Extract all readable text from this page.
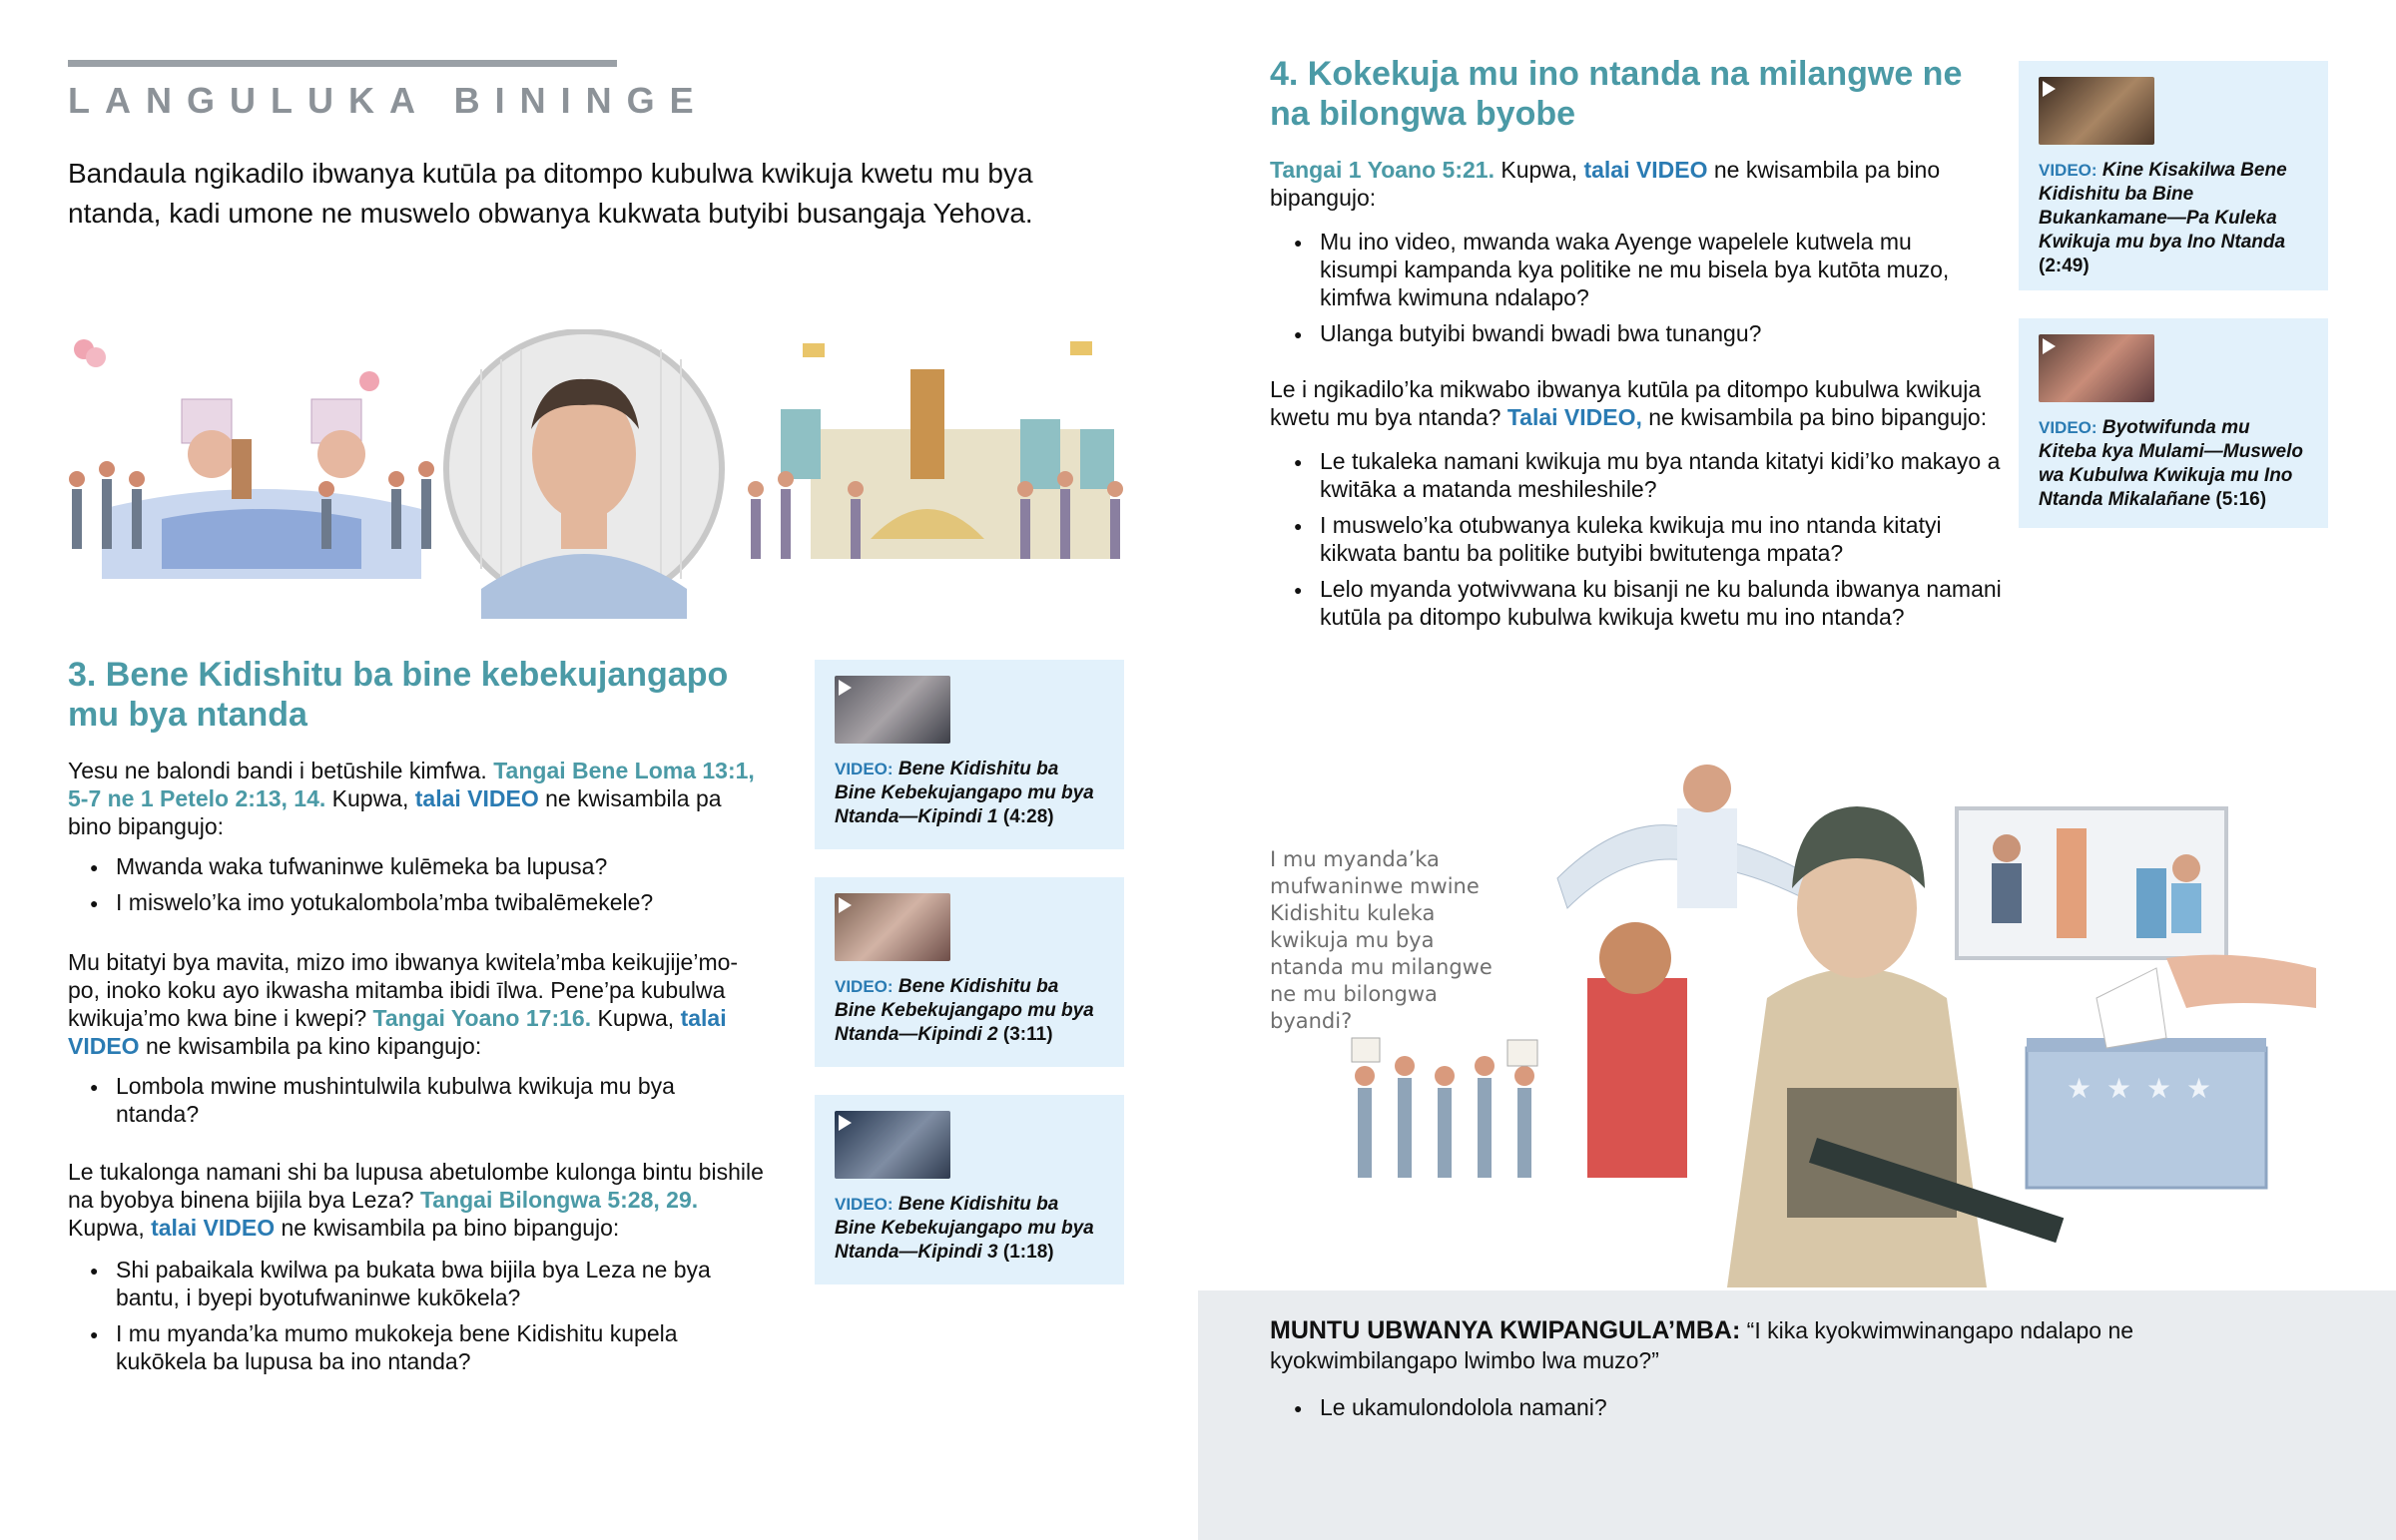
LANGULUKA BININGE
Bandaula ngikadilo ibwanya kutūla pa ditompo kubulwa kwikuja kwetu mu bya ntanda, kadi umone ne muswelo obwanya kukwata butyibi busangaja Yehova.
3. Bene Kidishitu ba bine kebekujangapo mu bya ntanda
Yesu ne balondi bandi i betūshile kimfwa. Tangai Bene Loma 13:1, 5-7 ne 1 Petelo 2:13, 14. Kupwa, talai VIDEO ne kwisambila pa bino bipangujo:
● Mwanda waka tufwaninwe kulēmeka ba lupusa?
● I miswelo’ka imo yotukalombola’mba twibalēmekele?
Mu bitatyi bya mavita, mizo imo ibwanya kwitela’mba keikujije’mo-po, inoko koku ayo ikwasha mitamba ibidi īlwa. Pene’pa kubulwa kwikuja’mo kwa bine i kwepi? Tangai Yoano 17:16. Kupwa, talai VIDEO ne kwisambila pa kino kipangujo:
● Lombola mwine mushintulwila kubulwa kwikuja mu bya ntanda?
Le tukalonga namani shi ba lupusa abetulombe kulonga bintu bishile na byobya binena bijila bya Leza? Tangai Bilongwa 5:28, 29. Kupwa, talai VIDEO ne kwisambila pa bino bipangujo:
● Shi pabaikala kwilwa pa bukata bwa bijila bya Leza ne bya bantu, i byepi byotufwaninwe kukōkela?
● I mu myanda’ka mumo mukokeja bene Kidishitu kupela kukōkela ba lupusa ba ino ntanda?
VIDEO: Bene Kidishitu ba Bine Kebekujangapo mu bya Ntanda—Kipindi 1 (4:28)
VIDEO: Bene Kidishitu ba Bine Kebekujangapo mu bya Ntanda—Kipindi 2 (3:11)
VIDEO: Bene Kidishitu ba Bine Kebekujangapo mu bya Ntanda—Kipindi 3 (1:18)
4. Kokekuja mu ino ntanda na milangwe ne na bilongwa byobe
Tangai 1 Yoano 5:21. Kupwa, talai VIDEO ne kwisambila pa bino bipangujo:
● Mu ino video, mwanda waka Ayenge wapelele kutwela mu kisumpi kampanda kya politike ne mu bisela bya kutōta muzo, kimfwa kwimuna ndalapo?
● Ulanga butyibi bwandi bwadi bwa tunangu?
Le i ngikadilo’ka mikwabo ibwanya kutūla pa ditompo kubulwa kwikuja kwetu mu bya ntanda? Talai VIDEO, ne kwisambila pa bino bipangujo:
● Le tukaleka namani kwikuja mu bya ntanda kitatyi kidi’ko makayo a kwitāka a matanda meshileshile?
● I muswelo’ka otubwanya kuleka kwikuja mu ino ntanda kitatyi kikwata bantu ba politike butyibi bwitutenga mpata?
● Lelo myanda yotwivwana ku bisanji ne ku balunda ibwanya namani kutūla pa ditompo kubulwa kwikuja kwetu mu ino ntanda?
VIDEO: Kine Kisakilwa Bene Kidishitu ba Bine Bukankamane—Pa Kuleka Kwikuja mu bya Ino Ntanda (2:49)
VIDEO: Byotwifunda mu Kiteba kya Mulami—Muswelo wa Kubulwa Kwikuja mu Ino Ntanda Mikalañane (5:16)
I mu myanda’ka mufwaninwe mwine Kidishitu kuleka kwikuja mu bya ntanda mu milangwe ne mu bilongwa byandi?
★ ★ ★ ★
MUNTU UBWANYA KWIPANGULA’MBA: “I kika kyokwimwinangapo ndalapo ne kyokwimbilangapo lwimbo lwa muzo?”
● Le ukamulondolola namani?
